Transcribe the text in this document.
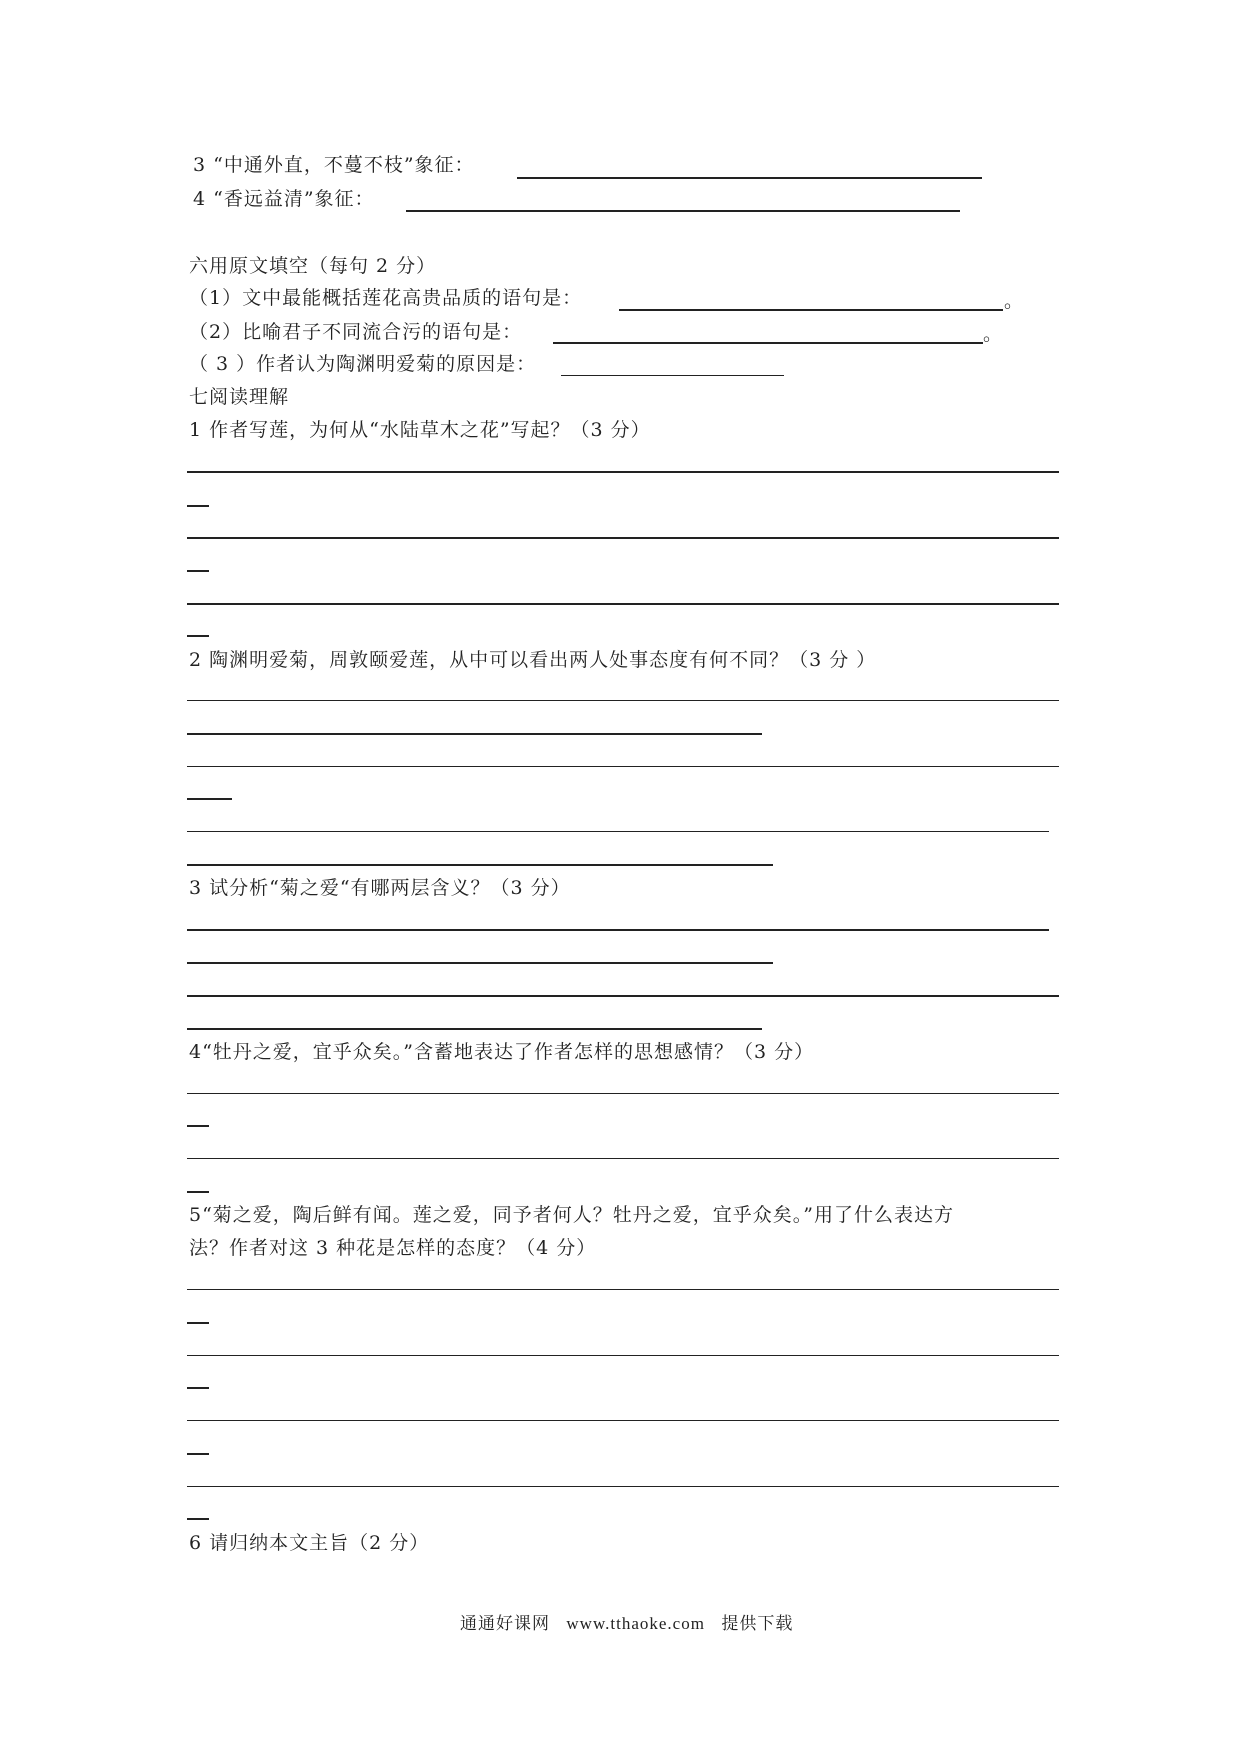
3 “中通外直，不蔓不枝”象征：
4 “香远益清”象征：
六用原文填空（每句 2 分）
（1）文中最能概括莲花高贵品质的语句是：	。
（2）比喻君子不同流合污的语句是：	。
（ 3 ）作者认为陶渊明爱菊的原因是：
七阅读理解
1 作者写莲，为何从“水陆草木之花”写起？（3 分）
2 陶渊明爱菊，周敦颐爱莲，从中可以看出两人处事态度有何不同？（3 分 ）
3 试分析“菊之爱“有哪两层含义？（3 分）
4“牡丹之爱，宜乎众矣。”含蓄地表达了作者怎样的思想感情？（3 分）
5“菊之爱，陶后鲜有闻。莲之爱，同予者何人？牡丹之爱，宜乎众矣。”用了什么表达方
法？作者对这 3 种花是怎样的态度？（4 分）
6 请归纳本文主旨（2 分）
通通好课网 www.tthaoke.com 提供下载
